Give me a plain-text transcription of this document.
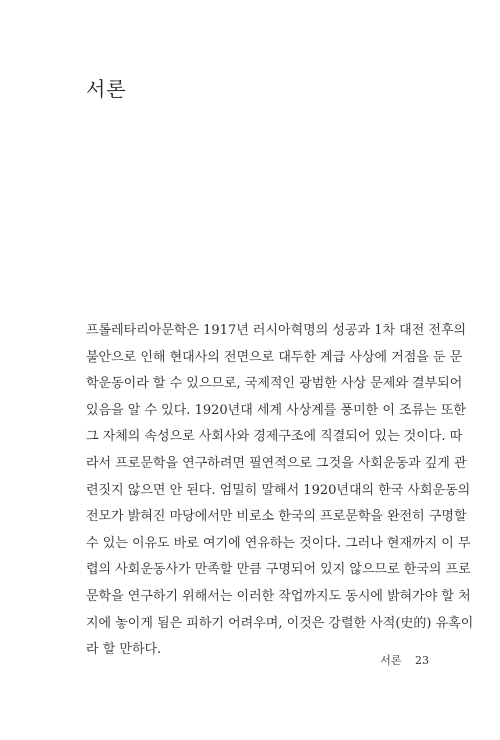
서론
프롤레타리아문학은 1917년 러시아혁명의 성공과 1차 대전 전후의
불안으로 인해 현대사의 전면으로 대두한 계급 사상에 거점을 둔 문
학운동이라 할 수 있으므로, 국제적인 광범한 사상 문제와 결부되어
있음을 알 수 있다. 1920년대 세계 사상계를 풍미한 이 조류는 또한
그 자체의 속성으로 사회사와 경제구조에 직결되어 있는 것이다. 따
라서 프로문학을 연구하려면 필연적으로 그것을 사회운동과 깊게 관
련짓지 않으면 안 된다. 엄밀히 말해서 1920년대의 한국 사회운동의
전모가 밝혀진 마당에서만 비로소 한국의 프로문학을 완전히 구명할
수 있는 이유도 바로 여기에 연유하는 것이다. 그러나 현재까지 이 무
렵의 사회운동사가 만족할 만큼 구명되어 있지 않으므로 한국의 프로
문학을 연구하기 위해서는 이러한 작업까지도 동시에 밝혀가야 할 처
지에 놓이게 됨은 피하기 어려우며, 이것은 강렬한 사적(史的) 유혹이
라 할 만하다.
서론 23
